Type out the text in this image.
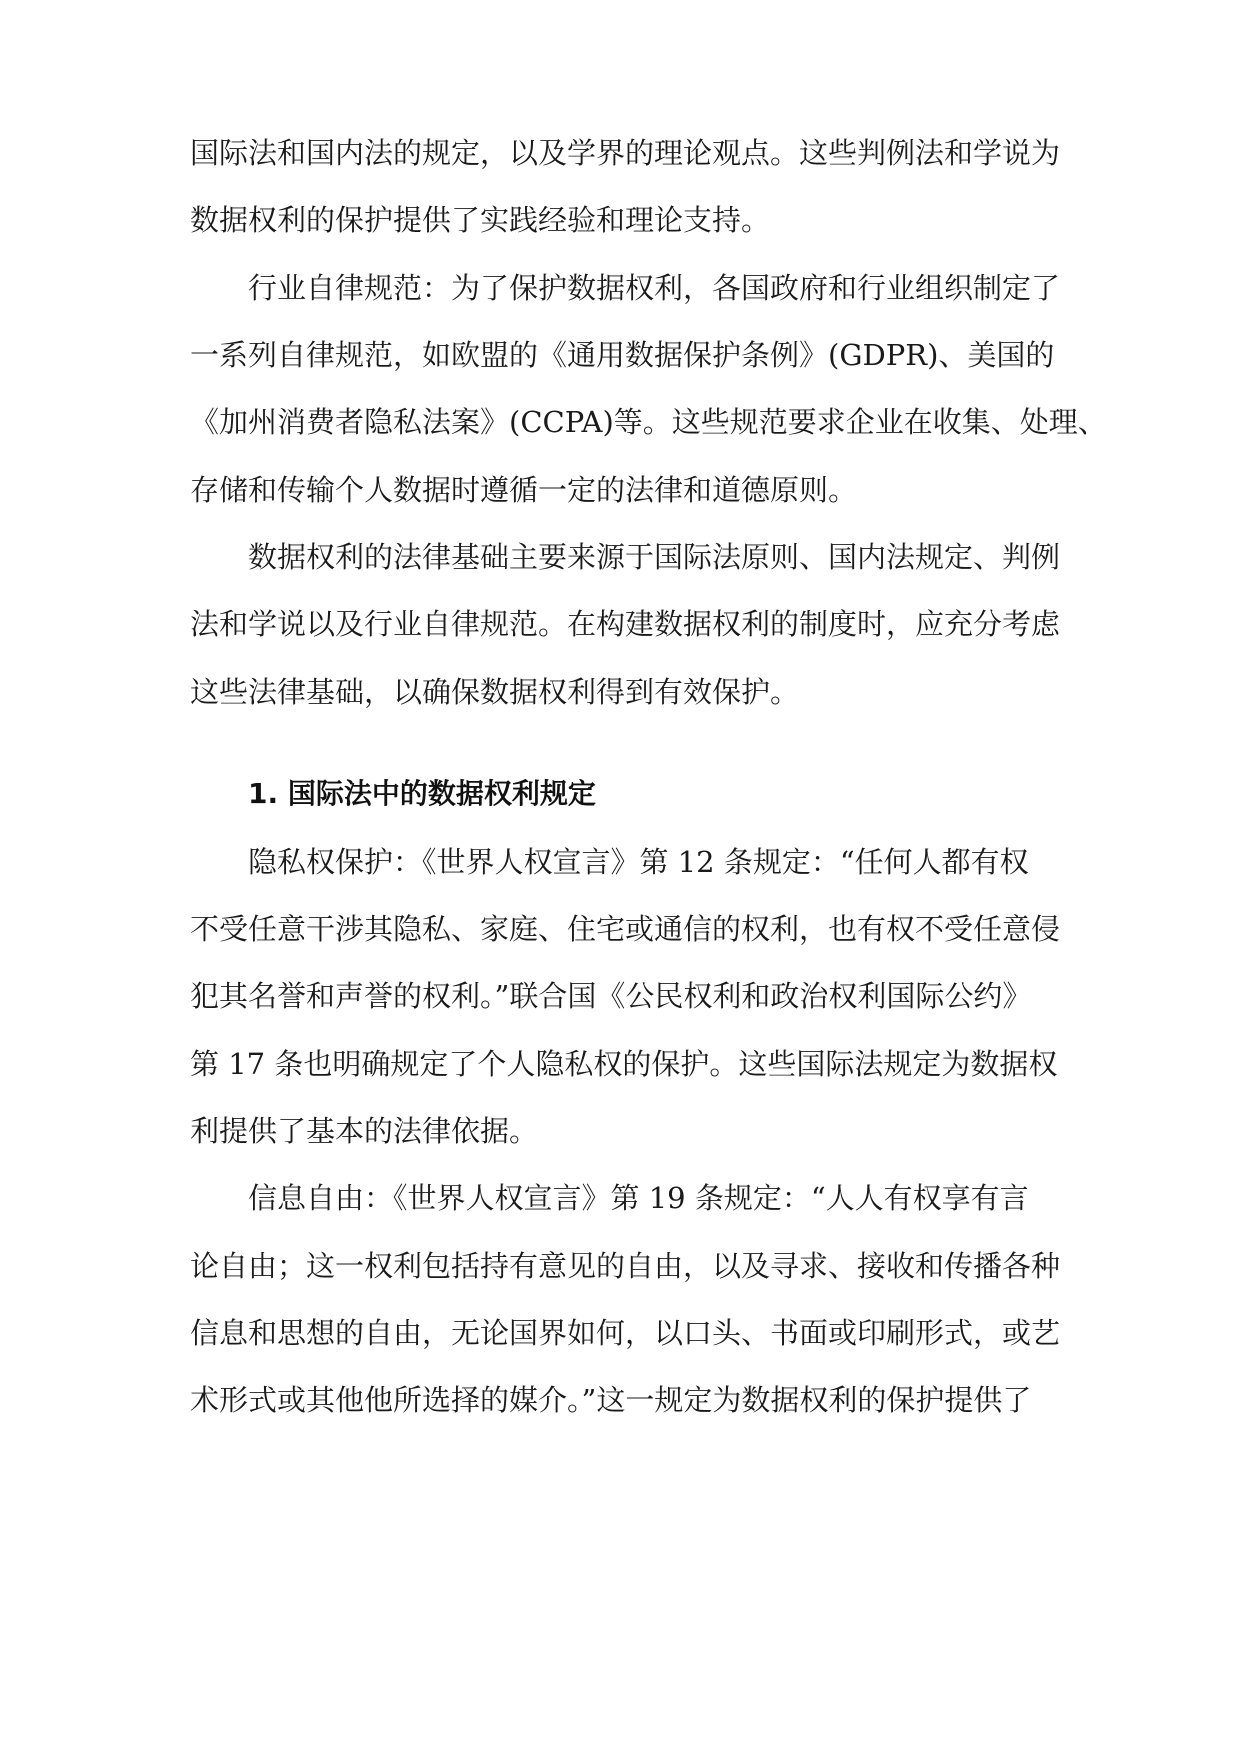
国际法和国内法的规定，以及学界的理论观点。这些判例法和学说为
数据权利的保护提供了实践经验和理论支持。
行业自律规范：为了保护数据权利，各国政府和行业组织制定了
一系列自律规范，如欧盟的《通用数据保护条例》(GDPR)、美国的
《加州消费者隐私法案》(CCPA)等。这些规范要求企业在收集、处理、
存储和传输个人数据时遵循一定的法律和道德原则。
数据权利的法律基础主要来源于国际法原则、国内法规定、判例
法和学说以及行业自律规范。在构建数据权利的制度时，应充分考虑
这些法律基础，以确保数据权利得到有效保护。
1. 国际法中的数据权利规定
隐私权保护：《世界人权宣言》第 12 条规定：“任何人都有权
不受任意干涉其隐私、家庭、住宅或通信的权利，也有权不受任意侵
犯其名誉和声誉的权利。”联合国《公民权利和政治权利国际公约》
第 17 条也明确规定了个人隐私权的保护。这些国际法规定为数据权
利提供了基本的法律依据。
信息自由：《世界人权宣言》第 19 条规定：“人人有权享有言
论自由；这一权利包括持有意见的自由，以及寻求、接收和传播各种
信息和思想的自由，无论国界如何，以口头、书面或印刷形式，或艺
术形式或其他他所选择的媒介。”这一规定为数据权利的保护提供了
